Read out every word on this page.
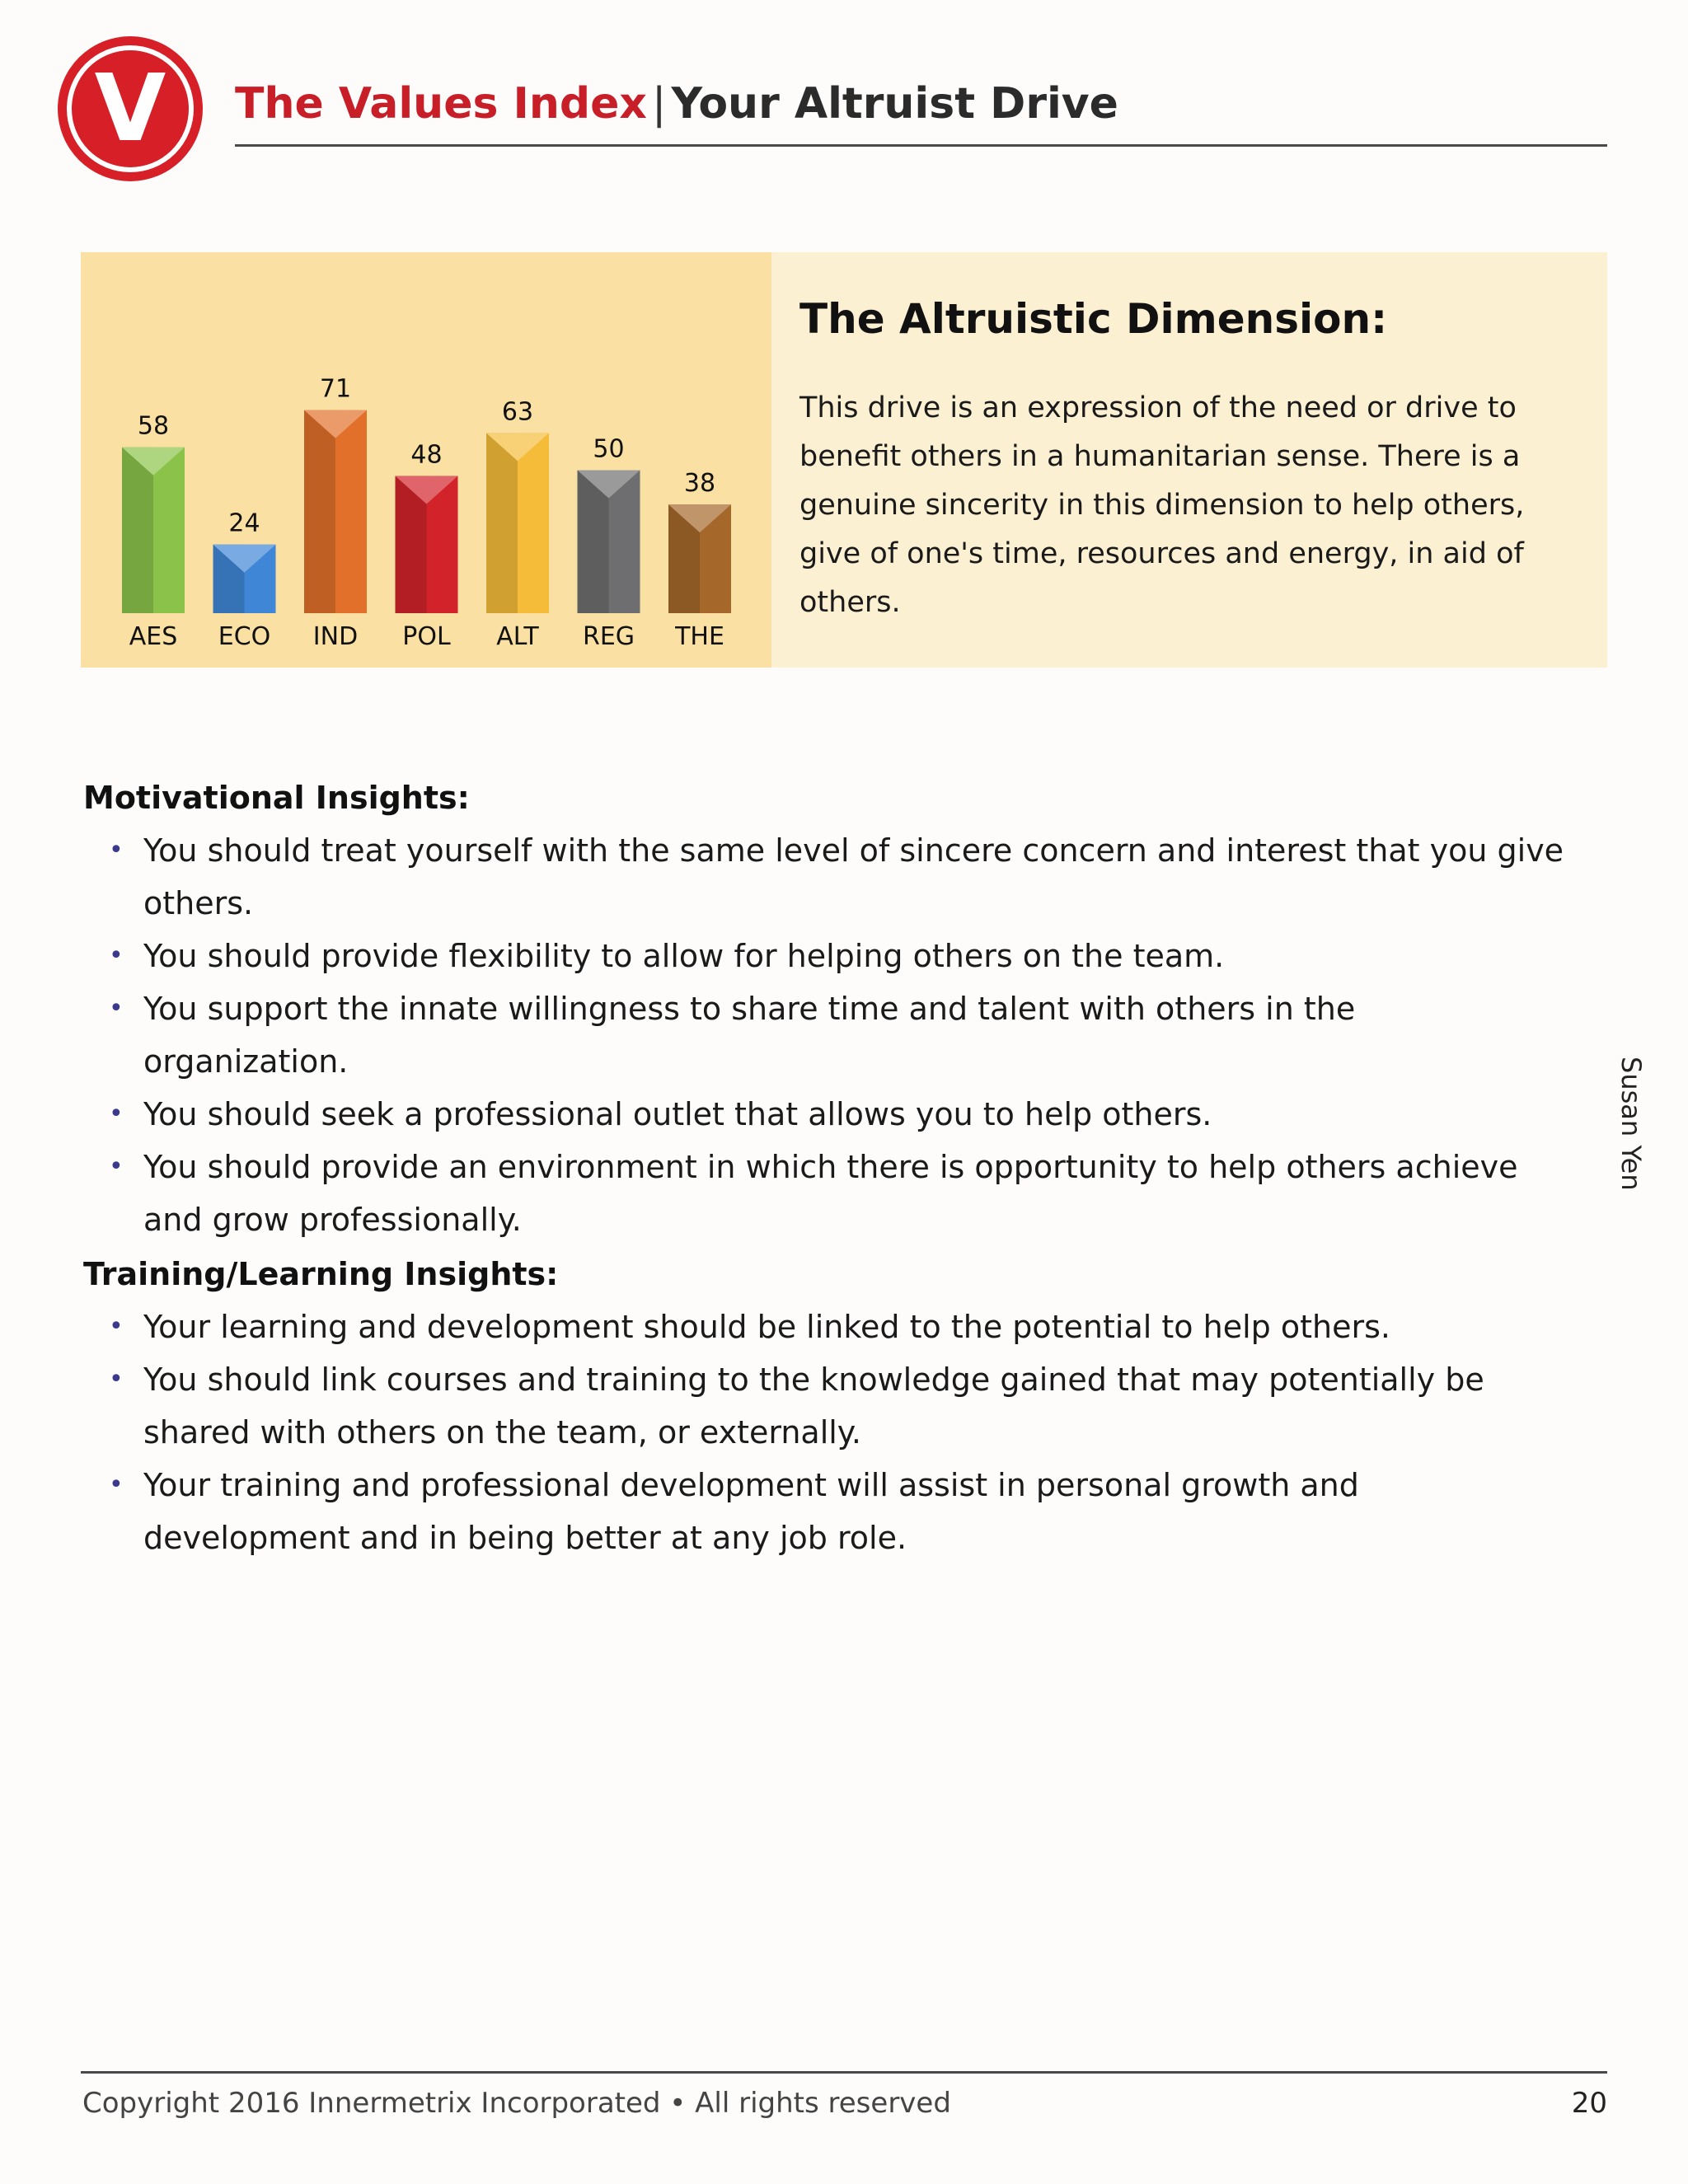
V The Values Index | Your Altruist Drive
58
AES
24
ECO
71
IND
48
POL
63
ALT
50
REG
38
THE
The Altruistic Dimension:
This drive is an expression of the need or drive to benefit others in a humanitarian sense. There is a genuine sincerity in this dimension to help others, give of one's time, resources and energy, in aid of others.
Motivational Insights:
• You should treat yourself with the same level of sincere concern and interest that you give others.
• You should provide flexibility to allow for helping others on the team.
• You support the innate willingness to share time and talent with others in the organization.
• You should seek a professional outlet that allows you to help others.
• You should provide an environment in which there is opportunity to help others achieve and grow professionally.
Training/Learning Insights:
• Your learning and development should be linked to the potential to help others.
• You should link courses and training to the knowledge gained that may potentially be shared with others on the team, or externally.
• Your training and professional development will assist in personal growth and development and in being better at any job role.
Susan Yen
Copyright 2016 Innermetrix Incorporated • All rights reserved	20
